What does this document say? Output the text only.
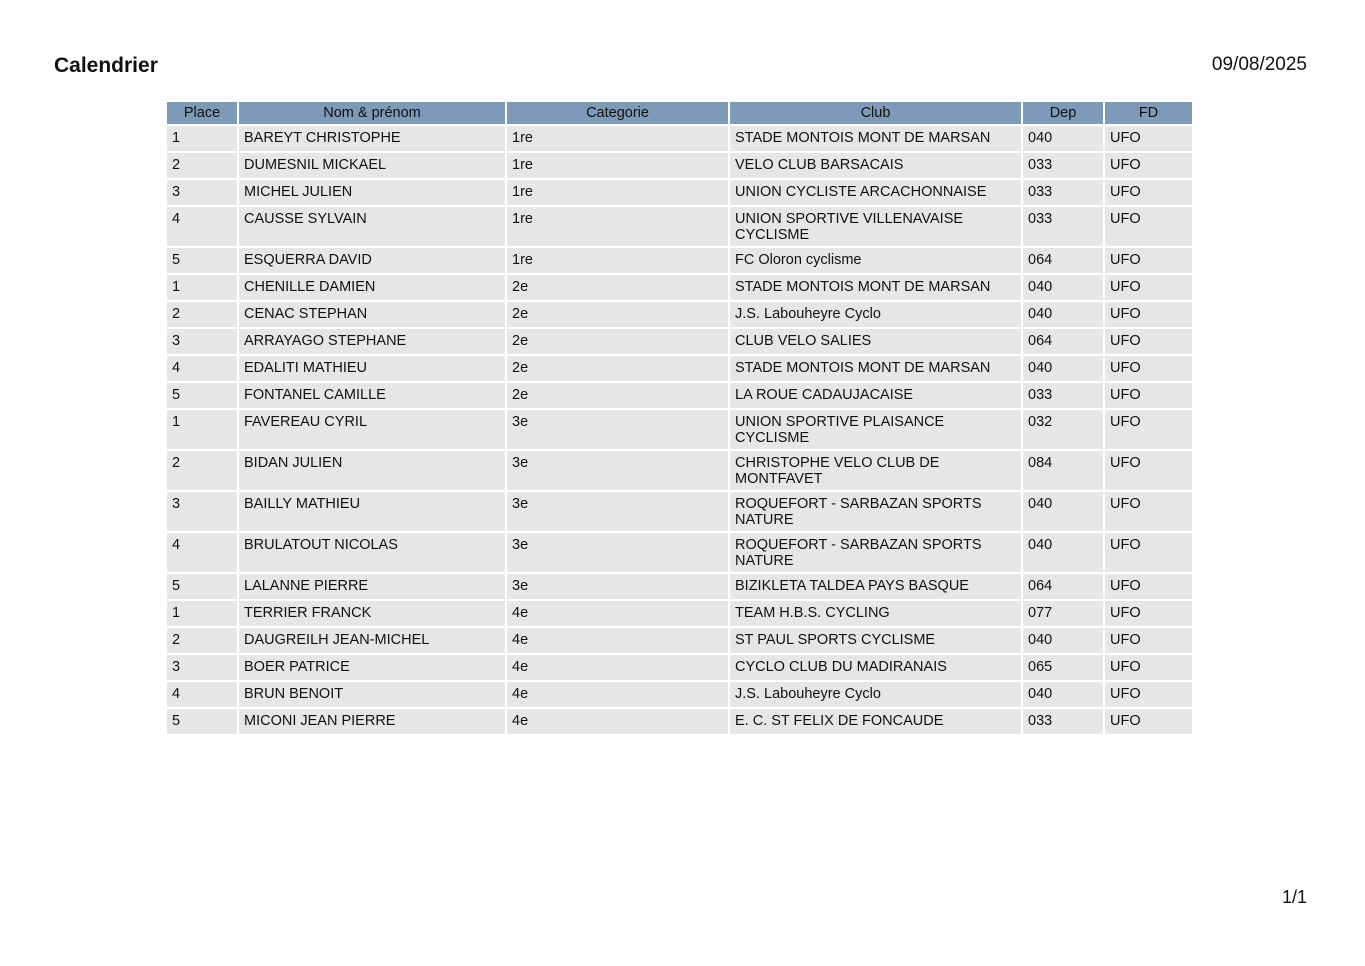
Calendrier	09/08/2025
Place	Nom & prénom	Categorie	Club	Dep	FD
1	BAREYT CHRISTOPHE	1re	STADE MONTOIS MONT DE MARSAN	040	UFO
2	DUMESNIL MICKAEL	1re	VELO CLUB BARSACAIS	033	UFO
3	MICHEL JULIEN	1re	UNION CYCLISTE ARCACHONNAISE	033	UFO
4	CAUSSE SYLVAIN	1re	UNION SPORTIVE VILLENAVAISE CYCLISME	033	UFO
5	ESQUERRA DAVID	1re	FC Oloron cyclisme	064	UFO
1	CHENILLE DAMIEN	2e	STADE MONTOIS MONT DE MARSAN	040	UFO
2	CENAC STEPHAN	2e	J.S. Labouheyre Cyclo	040	UFO
3	ARRAYAGO STEPHANE	2e	CLUB VELO SALIES	064	UFO
4	EDALITI MATHIEU	2e	STADE MONTOIS MONT DE MARSAN	040	UFO
5	FONTANEL CAMILLE	2e	LA ROUE CADAUJACAISE	033	UFO
1	FAVEREAU CYRIL	3e	UNION SPORTIVE PLAISANCE CYCLISME	032	UFO
2	BIDAN JULIEN	3e	CHRISTOPHE VELO CLUB DE MONTFAVET	084	UFO
3	BAILLY MATHIEU	3e	ROQUEFORT - SARBAZAN SPORTS NATURE	040	UFO
4	BRULATOUT NICOLAS	3e	ROQUEFORT - SARBAZAN SPORTS NATURE	040	UFO
5	LALANNE PIERRE	3e	BIZIKLETA TALDEA PAYS BASQUE	064	UFO
1	TERRIER FRANCK	4e	TEAM H.B.S. CYCLING	077	UFO
2	DAUGREILH JEAN-MICHEL	4e	ST PAUL SPORTS CYCLISME	040	UFO
3	BOER PATRICE	4e	CYCLO CLUB DU MADIRANAIS	065	UFO
4	BRUN BENOIT	4e	J.S. Labouheyre Cyclo	040	UFO
5	MICONI JEAN PIERRE	4e	E. C. ST FELIX DE FONCAUDE	033	UFO
1/1
